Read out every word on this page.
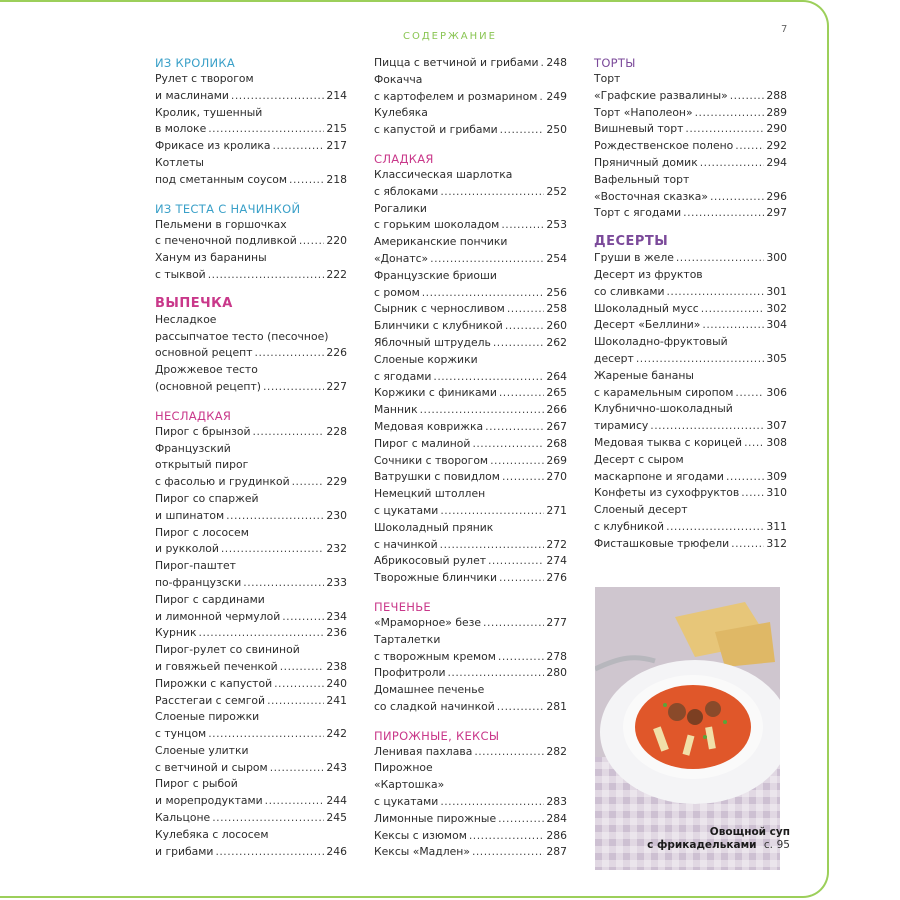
СОДЕРЖАНИЕ
7
ИЗ КРОЛИКА
Рулет с творогом
и маслинами .....	214
Кролик, тушенный
в молоке .....	215
Фрикасе из кролика .....	217
Котлеты
под сметанным соусом .....	218
ИЗ ТЕСТА С НАЧИНКОЙ
Пельмени в горшочках
с печеночной подливкой .....	220
Ханум из баранины
с тыквой .....	222
ВЫПЕЧКА
Несладкое
рассыпчатое тесто (песочное)
основной рецепт .....	226
Дрожжевое тесто
(основной рецепт) .....	227
НЕСЛАДКАЯ
Пирог с брынзой .....	228
Французский
открытый пирог
с фасолью и грудинкой .....	229
Пирог со спаржей
и шпинатом .....	230
Пирог с лососем
и рукколой .....	232
Пирог-паштет
по-французски .....	233
Пирог с сардинами
и лимонной чермулой .....	234
Курник .....	236
Пирог-рулет со свининой
и говяжьей печенкой .....	238
Пирожки с капустой .....	240
Расстегаи с семгой .....	241
Слоеные пирожки
с тунцом .....	242
Слоеные улитки
с ветчиной и сыром .....	243
Пирог с рыбой
и морепродуктами .....	244
Кальцоне .....	245
Кулебяка с лососем
и грибами .....	246
Пицца с ветчиной и грибами ..... 248
Фокачча
с картофелем и розмарином ..... 249
Кулебяка
с капустой и грибами .....	250
СЛАДКАЯ
Классическая шарлотка
с яблоками .....	252
Рогалики
с горьким шоколадом .....	253
Американские пончики
«Донатс» .....	254
Французские бриоши
с ромом .....	256
Сырник с черносливом .....	258
Блинчики с клубникой .....	260
Яблочный штрудель .....	262
Слоеные коржики
с ягодами .....	264
Коржики с финиками .....	265
Манник .....	266
Медовая коврижка .....	267
Пирог с малиной .....	268
Сочники с творогом .....	269
Ватрушки с повидлом .....	270
Немецкий штоллен
с цукатами .....	271
Шоколадный пряник
с начинкой .....	272
Абрикосовый рулет .....	274
Творожные блинчики .....	276
ПЕЧЕНЬЕ
«Мраморное» безе .....	277
Тарталетки
с творожным кремом .....	278
Профитроли .....	280
Домашнее печенье
со сладкой начинкой .....	281
ПИРОЖНЫЕ, КЕКСЫ
Ленивая пахлава .....	282
Пирожное
«Картошка»
с цукатами .....	283
Лимонные пирожные .....	284
Кексы с изюмом .....	286
Кексы «Мадлен» .....	287
ТОРТЫ
Торт
«Графские развалины» .....	288
Торт «Наполеон» .....	289
Вишневый торт .....	290
Рождественское полено .....	292
Пряничный домик .....	294
Вафельный торт
«Восточная сказка» .....	296
Торт с ягодами .....	297
ДЕСЕРТЫ
Груши в желе .....	300
Десерт из фруктов
со сливками .....	301
Шоколадный мусс .....	302
Десерт «Беллини» .....	304
Шоколадно-фруктовый
десерт .....	305
Жареные бананы
с карамельным сиропом .....	306
Клубнично-шоколадный
тирамису .....	307
Медовая тыква с корицей ..... 308
Десерт с сыром
маскарпоне и ягодами .....	309
Конфеты из сухофруктов .....	310
Слоеный десерт
с клубникой .....	311
Фисташковые трюфели .....	312
Овощной суп
с фрикадельками с. 95
